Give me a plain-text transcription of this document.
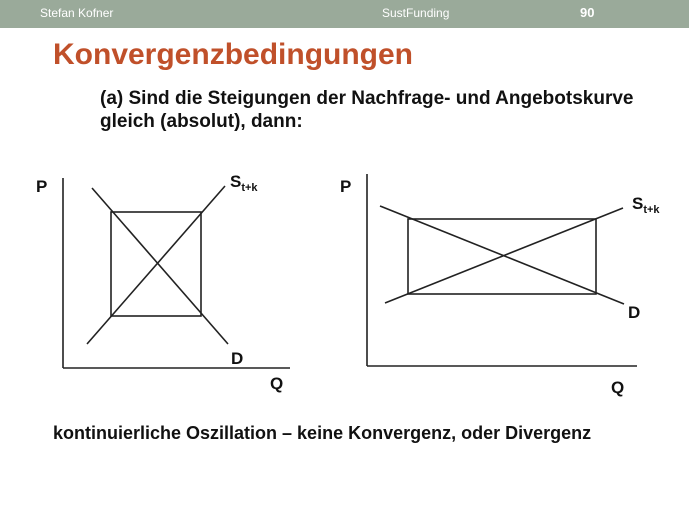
Stefan Kofner	SustFunding	90
Konvergenzbedingungen
(a) Sind die Steigungen der Nachfrage- und Angebotskurve gleich (absolut), dann:
P
Q
$S_{t+k}$
D
P
Q
$S_{t+k}$
D
kontinuierliche Oszillation – keine Konvergenz, oder Divergenz
